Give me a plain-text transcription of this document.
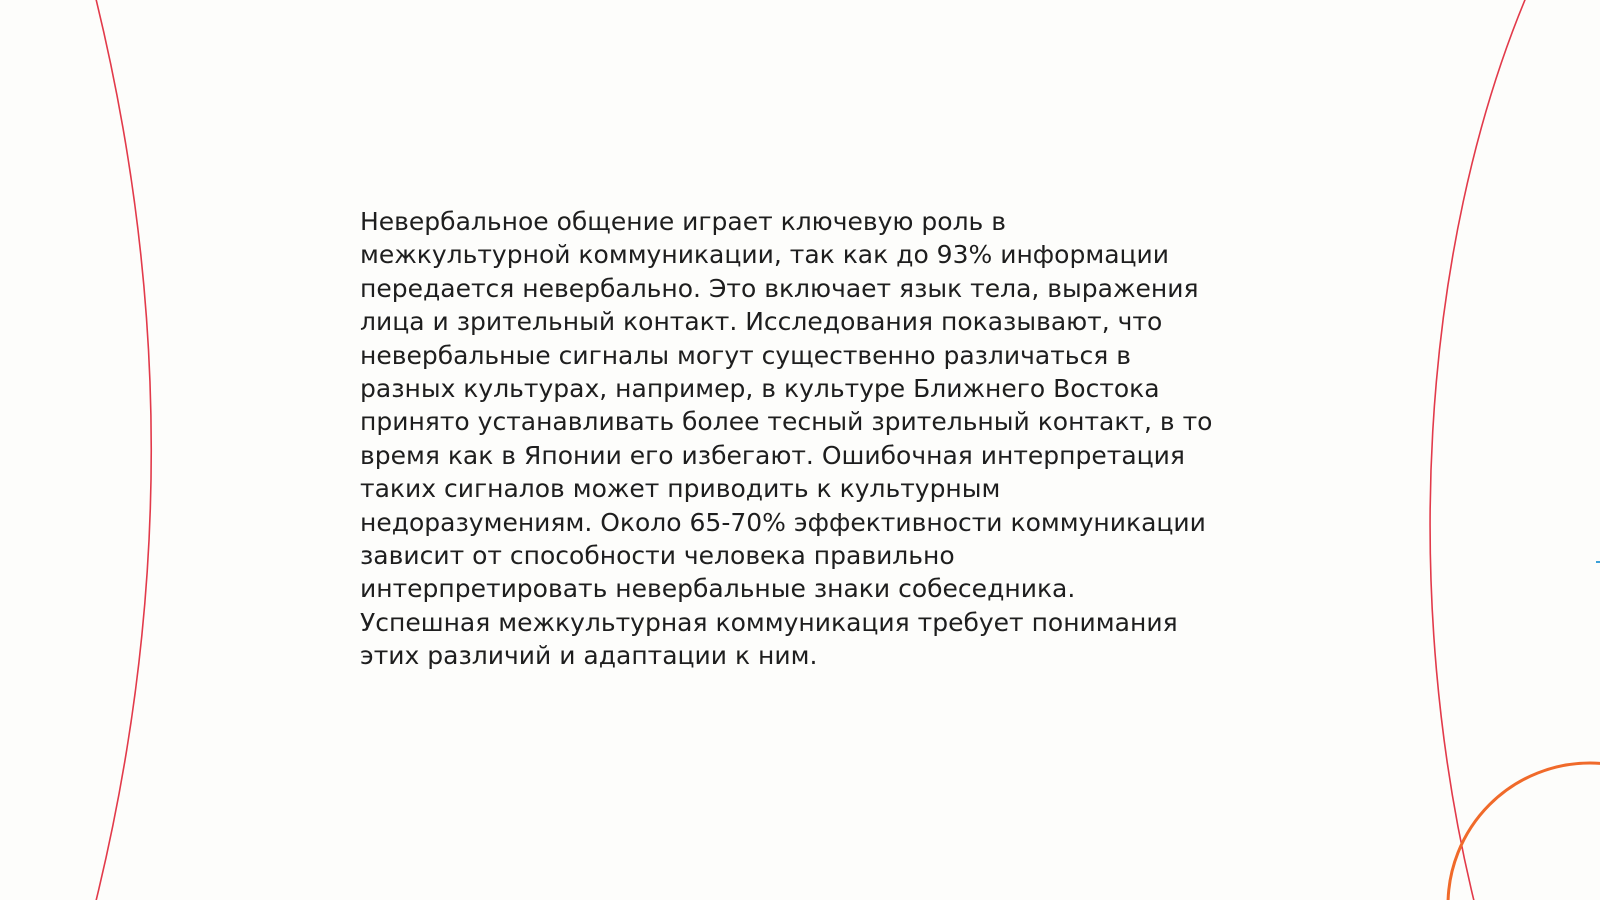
Невербальное общение играет ключевую роль в
межкультурной коммуникации, так как до 93% информации
передается невербально. Это включает язык тела, выражения
лица и зрительный контакт. Исследования показывают, что
невербальные сигналы могут существенно различаться в
разных культурах, например, в культуре Ближнего Востока
принято устанавливать более тесный зрительный контакт, в то
время как в Японии его избегают. Ошибочная интерпретация
таких сигналов может приводить к культурным
недоразумениям. Около 65-70% эффективности коммуникации
зависит от способности человека правильно
интерпретировать невербальные знаки собеседника.
Успешная межкультурная коммуникация требует понимания
этих различий и адаптации к ним.
